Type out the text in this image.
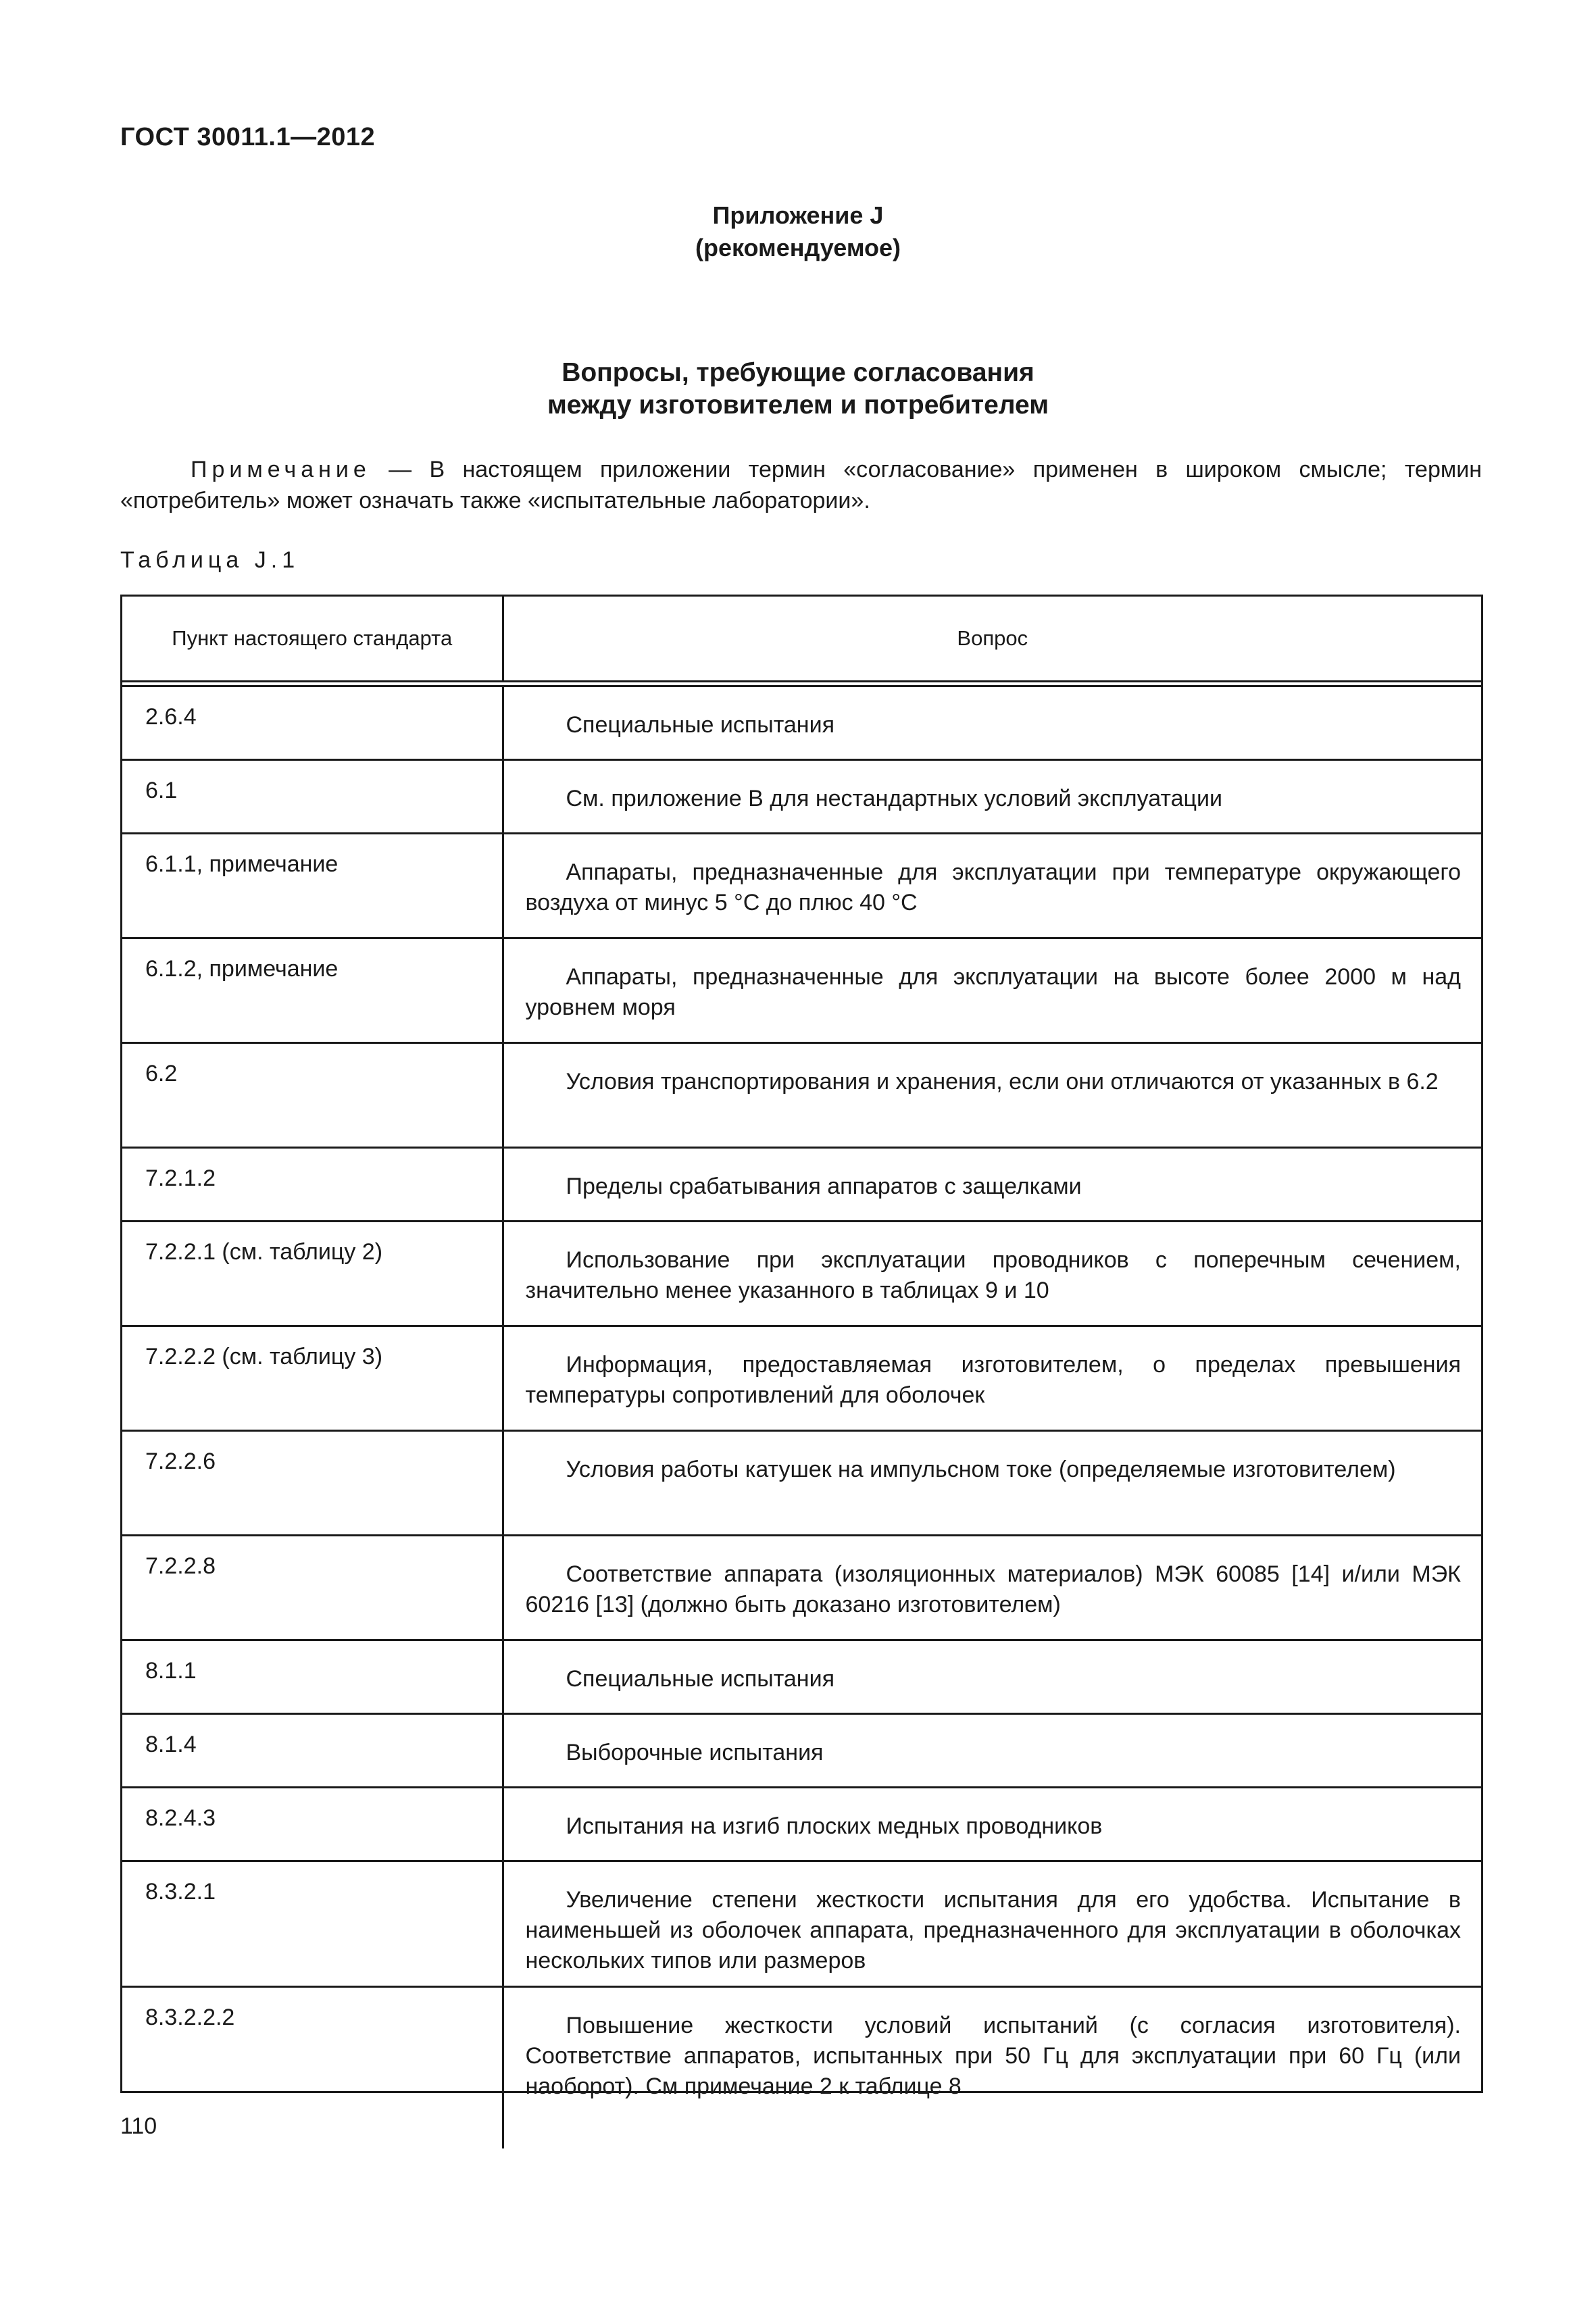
ГОСТ 30011.1—2012
Приложение J
(рекомендуемое)
Вопросы, требующие согласования
между изготовителем и потребителем
Примечание — В настоящем приложении термин «согласование» применен в широком смысле; термин «потребитель» может означать также «испытательные лаборатории».
Таблица J.1
Пункт настоящего стандарта	Вопрос
2.6.4	Специальные испытания
6.1	См. приложение B для нестандартных условий эксплуатации
6.1.1, примечание	Аппараты, предназначенные для эксплуатации при температуре окружающего воздуха от минус 5 °C до плюс 40 °C
6.1.2, примечание	Аппараты, предназначенные для эксплуатации на высоте более 2000 м над уровнем моря
6.2	Условия транспортирования и хранения, если они отличаются от указанных в 6.2
7.2.1.2	Пределы срабатывания аппаратов с защелками
7.2.2.1 (см. таблицу 2)	Использование при эксплуатации проводников с поперечным сечением, значительно менее указанного в таблицах 9 и 10
7.2.2.2 (см. таблицу 3)	Информация, предоставляемая изготовителем, о пределах превышения температуры сопротивлений для оболочек
7.2.2.6	Условия работы катушек на импульсном токе (определяемые изготовителем)
7.2.2.8	Соответствие аппарата (изоляционных материалов) МЭК 60085 [14] и/или МЭК 60216 [13] (должно быть доказано изготовителем)
8.1.1	Специальные испытания
8.1.4	Выборочные испытания
8.2.4.3	Испытания на изгиб плоских медных проводников
8.3.2.1	Увеличение степени жесткости испытания для его удобства. Испытание в наименьшей из оболочек аппарата, предназначенного для эксплуатации в оболочках нескольких типов или размеров
8.3.2.2.2	Повышение жесткости условий испытаний (с согласия изготовителя). Соответствие аппаратов, испытанных при 50 Гц для эксплуатации при 60 Гц (или наоборот). См примечание 2 к таблице 8
110
